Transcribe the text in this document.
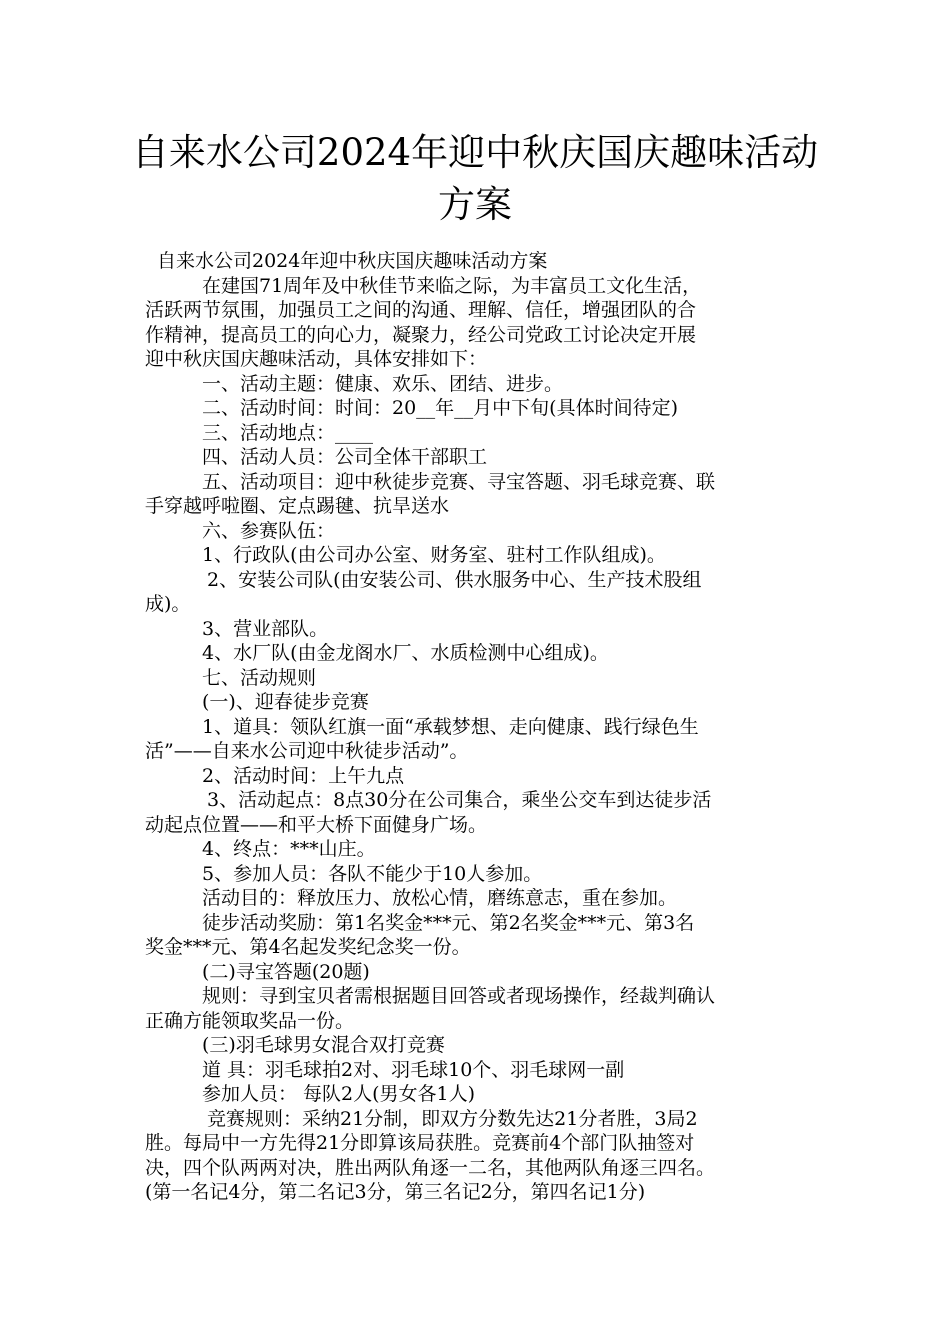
自来水公司2024年迎中秋庆国庆趣味活动
方案
自来水公司2024年迎中秋庆国庆趣味活动方案
在建国71周年及中秋佳节来临之际，为丰富员工文化生活，
活跃两节氛围，加强员工之间的沟通、理解、信任，增强团队的合
作精神，提高员工的向心力，凝聚力，经公司党政工讨论决定开展
迎中秋庆国庆趣味活动，具体安排如下：
一、活动主题：健康、欢乐、团结、进步。
二、活动时间：时间：20__年__月中下旬(具体时间待定)
三、活动地点：____
四、活动人员：公司全体干部职工
五、活动项目：迎中秋徒步竞赛、寻宝答题、羽毛球竞赛、联
手穿越呼啦圈、定点踢毽、抗旱送水
六、参赛队伍：
1、行政队(由公司办公室、财务室、驻村工作队组成)。
2、安装公司队(由安装公司、供水服务中心、生产技术股组
成)。
3、营业部队。
4、水厂队(由金龙阁水厂、水质检测中心组成)。
七、活动规则
(一)、迎春徒步竞赛
1、道具：领队红旗一面“承载梦想、走向健康、践行绿色生
活”——自来水公司迎中秋徒步活动”。
2、活动时间：上午九点
3、活动起点：8点30分在公司集合，乘坐公交车到达徒步活
动起点位置——和平大桥下面健身广场。
4、终点：***山庄。
5、参加人员：各队不能少于10人参加。
活动目的：释放压力、放松心情，磨练意志，重在参加。
徒步活动奖励：第1名奖金***元、第2名奖金***元、第3名
奖金***元、第4名起发奖纪念奖一份。
(二)寻宝答题(20题)
规则：寻到宝贝者需根据题目回答或者现场操作，经裁判确认
正确方能领取奖品一份。
(三)羽毛球男女混合双打竞赛
道 具：羽毛球拍2对、羽毛球10个、羽毛球网一副
参加人员： 每队2人(男女各1人)
竞赛规则：采纳21分制，即双方分数先达21分者胜，3局2
胜。每局中一方先得21分即算该局获胜。竞赛前4个部门队抽签对
决，四个队两两对决，胜出两队角逐一二名，其他两队角逐三四名。
(第一名记4分，第二名记3分，第三名记2分，第四名记1分)
